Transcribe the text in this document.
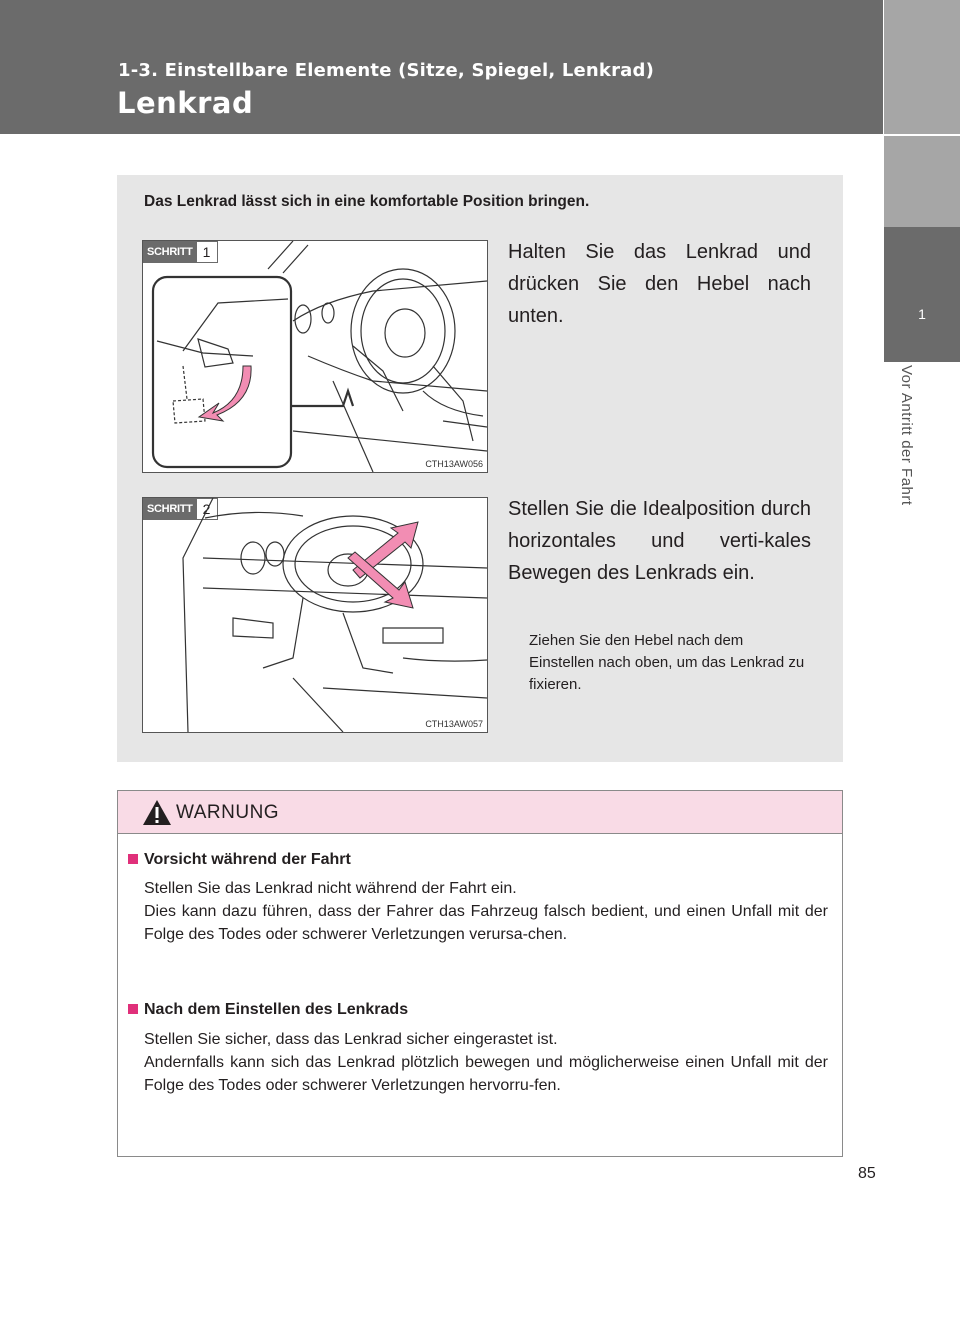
1-3. Einstellbare Elemente (Sitze, Spiegel, Lenkrad)
Lenkrad
1
Vor Antritt der Fahrt
Das Lenkrad lässt sich in eine komfortable Position bringen.
SCHRITT 1
CTH13AW056
Halten Sie das Lenkrad und drücken Sie den Hebel nach unten.
SCHRITT 2
CTH13AW057
Stellen Sie die Idealposition durch horizontales und verti-kales Bewegen des Lenkrads ein.
Ziehen Sie den Hebel nach dem Einstellen nach oben, um das Lenkrad zu fixieren.
WARNUNG
Vorsicht während der Fahrt
Stellen Sie das Lenkrad nicht während der Fahrt ein.
Dies kann dazu führen, dass der Fahrer das Fahrzeug falsch bedient, und einen Unfall mit der Folge des Todes oder schwerer Verletzungen verursa-chen.
Nach dem Einstellen des Lenkrads
Stellen Sie sicher, dass das Lenkrad sicher eingerastet ist.
Andernfalls kann sich das Lenkrad plötzlich bewegen und möglicherweise einen Unfall mit der Folge des Todes oder schwerer Verletzungen hervorru-fen.
85
